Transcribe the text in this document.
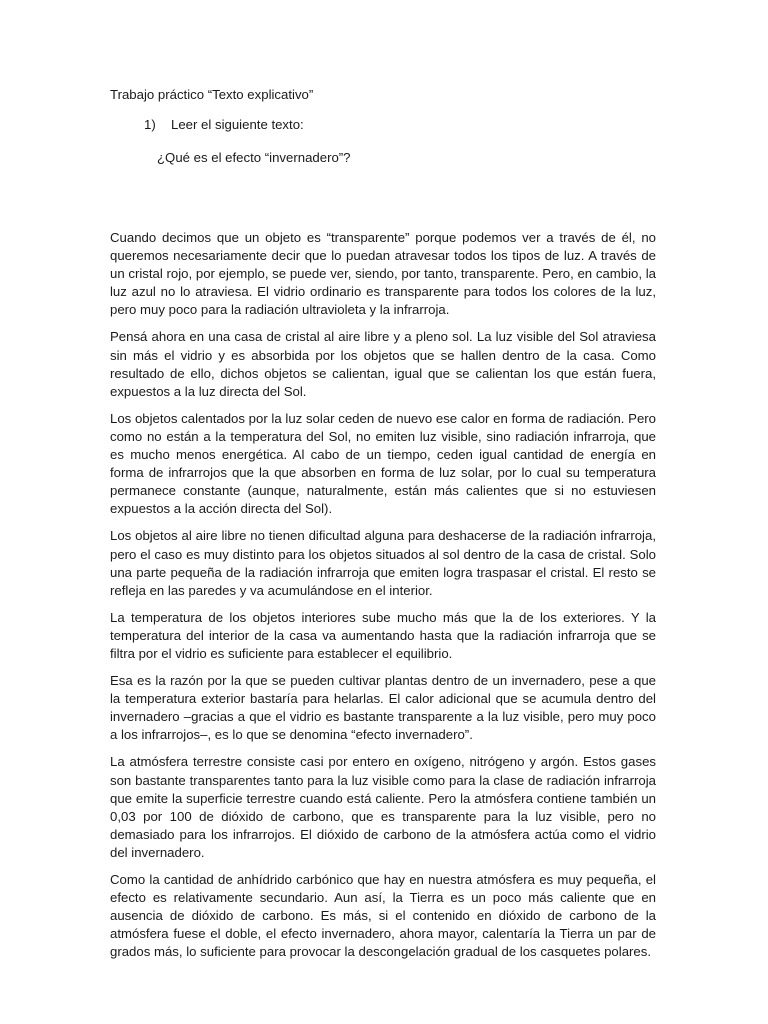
Trabajo práctico “Texto explicativo”

1) Leer el siguiente texto:

¿Qué es el efecto “invernadero”?

Cuando decimos que un objeto es “transparente” porque podemos ver a través de él, no queremos necesariamente decir que lo puedan atravesar todos los tipos de luz. A través de un cristal rojo, por ejemplo, se puede ver, siendo, por tanto, transparente. Pero, en cambio, la luz azul no lo atraviesa. El vidrio ordinario es transparente para todos los colores de la luz, pero muy poco para la radiación ultravioleta y la infrarroja.

Pensá ahora en una casa de cristal al aire libre y a pleno sol. La luz visible del Sol atraviesa sin más el vidrio y es absorbida por los objetos que se hallen dentro de la casa. Como resultado de ello, dichos objetos se calientan, igual que se calientan los que están fuera, expuestos a la luz directa del Sol.

Los objetos calentados por la luz solar ceden de nuevo ese calor en forma de radiación. Pero como no están a la temperatura del Sol, no emiten luz visible, sino radiación infrarroja, que es mucho menos energética. Al cabo de un tiempo, ceden igual cantidad de energía en forma de infrarrojos que la que absorben en forma de luz solar, por lo cual su temperatura permanece constante (aunque, naturalmente, están más calientes que si no estuviesen expuestos a la acción directa del Sol).

Los objetos al aire libre no tienen dificultad alguna para deshacerse de la radiación infrarroja, pero el caso es muy distinto para los objetos situados al sol dentro de la casa de cristal. Solo una parte pequeña de la radiación infrarroja que emiten logra traspasar el cristal. El resto se refleja en las paredes y va acumulándose en el interior.

La temperatura de los objetos interiores sube mucho más que la de los exteriores. Y la temperatura del interior de la casa va aumentando hasta que la radiación infrarroja que se filtra por el vidrio es suficiente para establecer el equilibrio.

Esa es la razón por la que se pueden cultivar plantas dentro de un invernadero, pese a que la temperatura exterior bastaría para helarlas. El calor adicional que se acumula dentro del invernadero –gracias a que el vidrio es bastante transparente a la luz visible, pero muy poco a los infrarrojos–, es lo que se denomina “efecto invernadero”.

La atmósfera terrestre consiste casi por entero en oxígeno, nitrógeno y argón. Estos gases son bastante transparentes tanto para la luz visible como para la clase de radiación infrarroja que emite la superficie terrestre cuando está caliente. Pero la atmósfera contiene también un 0,03 por 100 de dióxido de carbono, que es transparente para la luz visible, pero no demasiado para los infrarrojos. El dióxido de carbono de la atmósfera actúa como el vidrio del invernadero.

Como la cantidad de anhídrido carbónico que hay en nuestra atmósfera es muy pequeña, el efecto es relativamente secundario. Aun así, la Tierra es un poco más caliente que en ausencia de dióxido de carbono. Es más, si el contenido en dióxido de carbono de la atmósfera fuese el doble, el efecto invernadero, ahora mayor, calentaría la Tierra un par de grados más, lo suficiente para provocar la descongelación gradual de los casquetes polares.
